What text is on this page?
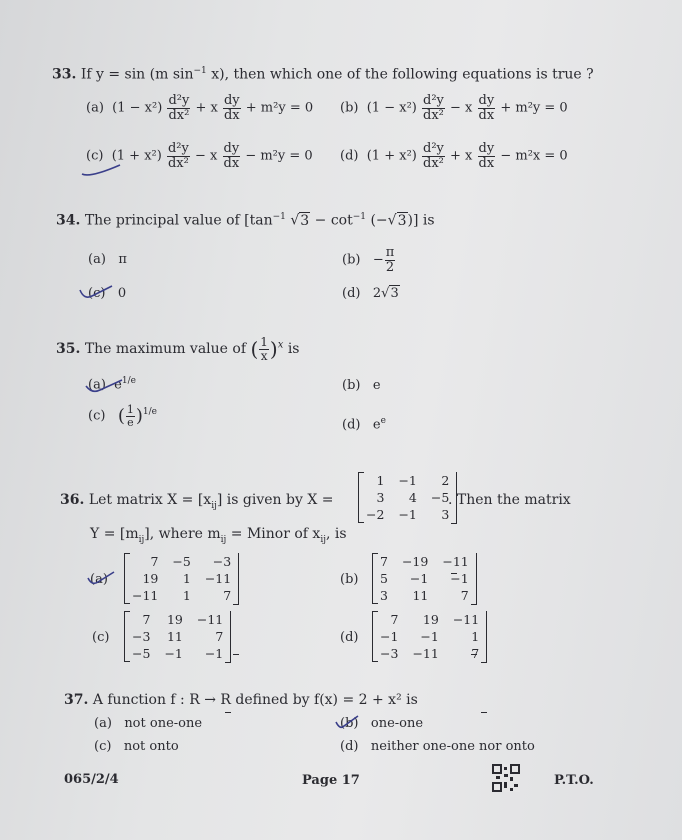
33. If y = sin (m $\sin^{-1} x$), then which one of the following equations is true ?
(a) $(1 - x^2) \frac{\text{d²y}}{\text{dx²}} + x \frac{dy}{dx} + m^2y = 0$ (b) $(1 - x^2) \frac{\text{d²y}}{\text{dx²}} - x \frac{dy}{dx} + m^2y = 0$
(c) $(1 + x^2) \frac{\text{d²y}}{\text{dx²}} - x \frac{dy}{dx} - m^2y = 0$ (d) $(1 + x^2) \frac{\text{d²y}}{\text{dx²}} + x \frac{dy}{dx} - m^2x = 0$
34. The principal value of [$\tan^{-1}$ $√3 - \cot^{-1} (-√3)$] is
(a) π	$(b) - \frac{\pi}{2}$
(c) 0	(d) 2√3
35. The maximum value of ( $\frac{1}{x} )^x$ is
(a) $e^{1/e}$	(b) e
(c) ( $\frac{1}{e} )^{1/e}$
(d) $e^e$
36. Let matrix $X = [x_{ij}]$ is given by X =
1	−1	2
3	4	−5
−2	−1	3
. Then the matrix
$Y = [m_{ij}]$, where $m_{ij}$ = Minor of $x_{ij}$, is
(a)
7	−5	−3
19	1	−11
−11	1	7
(b)
7	−19	−11
5	−1	−1
3	11	7
(c)
7	19	−11
−3	11	7
−5	−1	−1
(d)
7	19	−11
−1	−1	1
−3	−11	7
37. A function f : R → R defined by f(x) = 2 + x² is
(a) not one-one	(b) one-one
(c) not onto	(d) neither one-one nor onto
065/2/4	Page 17	P.T.O.
